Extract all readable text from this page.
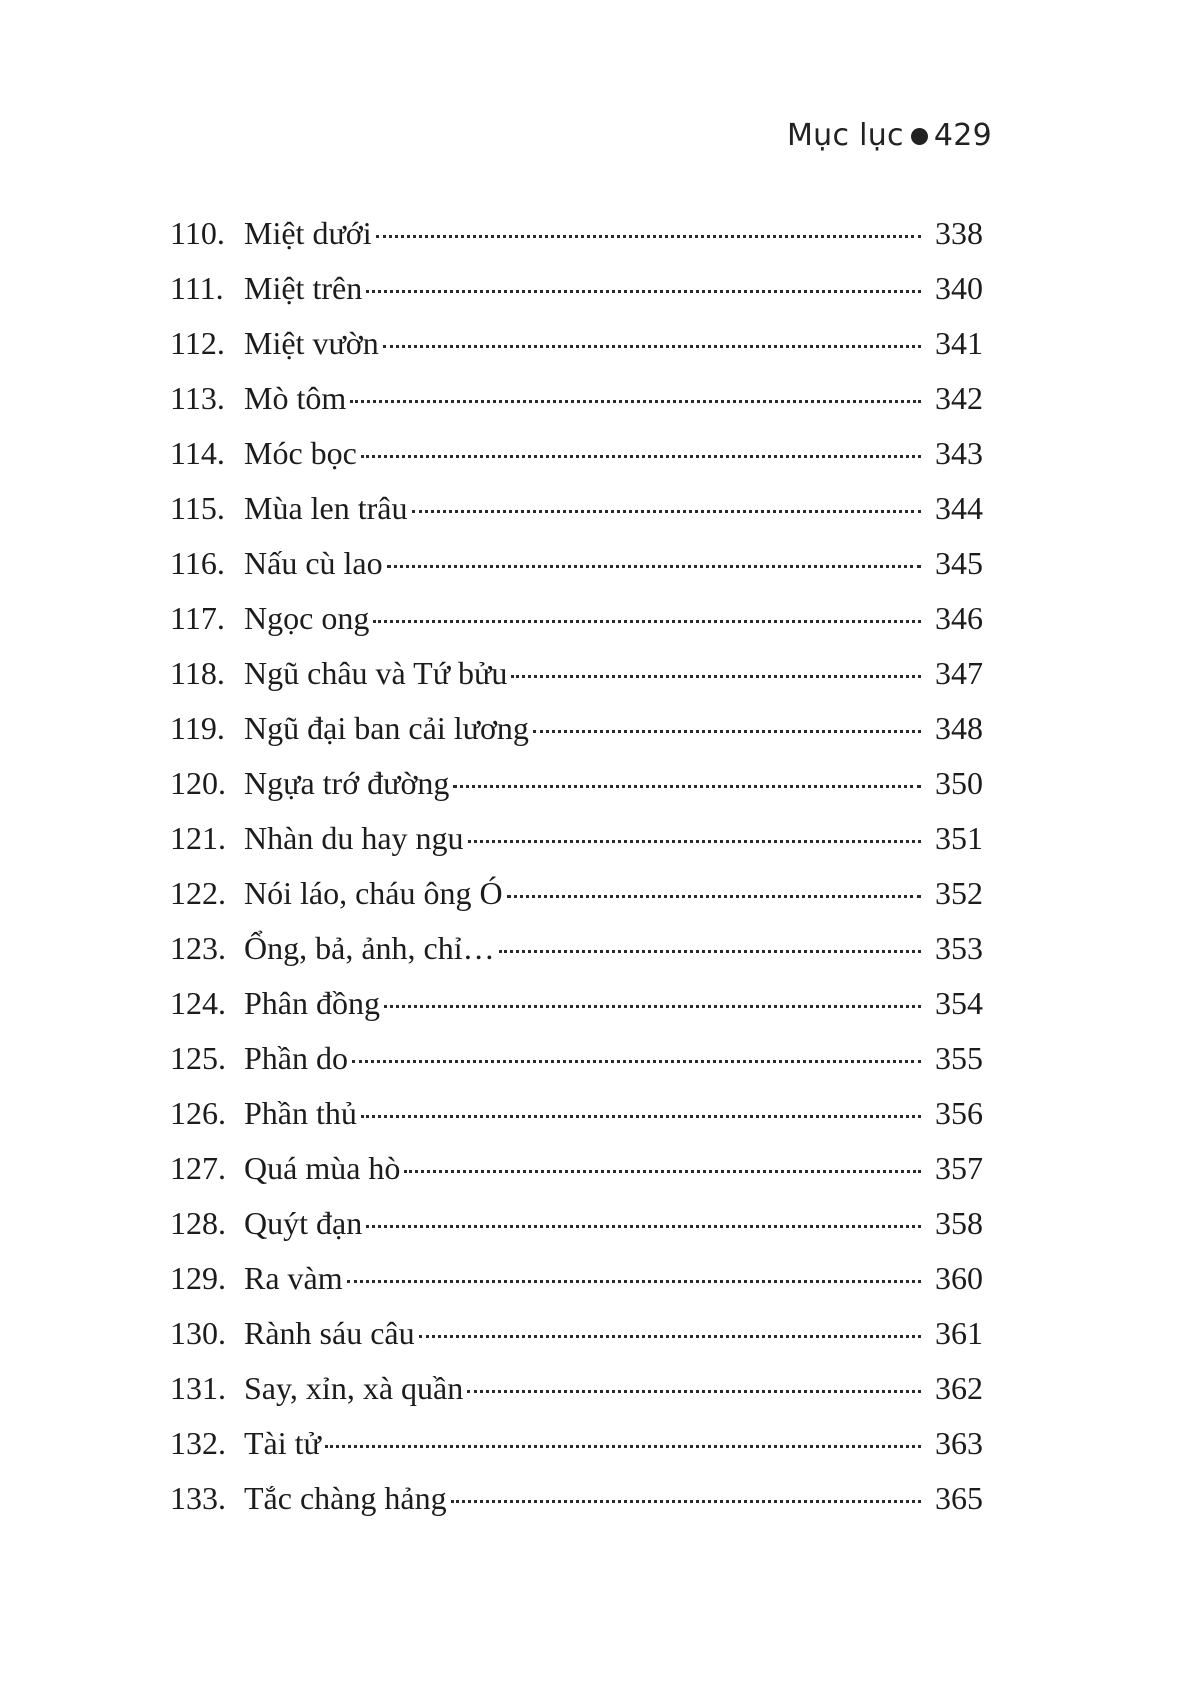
Mục lục 429
110. Miệt dưới	338
111. Miệt trên	340
112. Miệt vườn	341
113. Mò tôm	342
114. Móc bọc	343
115. Mùa len trâu	344
116. Nấu cù lao	345
117. Ngọc ong	346
118. Ngũ châu và Tứ bửu	347
119. Ngũ đại ban cải lương	348
120. Ngựa trớ đường	350
121. Nhàn du hay ngu	351
122. Nói láo, cháu ông Ó	352
123. Ổng, bả, ảnh, chỉ…	353
124. Phân đồng	354
125. Phần do	355
126. Phần thủ	356
127. Quá mùa hò	357
128. Quýt đạn	358
129. Ra vàm	360
130. Rành sáu câu	361
131. Say, xỉn, xà quần	362
132. Tài tử	363
133. Tắc chàng hảng	365
